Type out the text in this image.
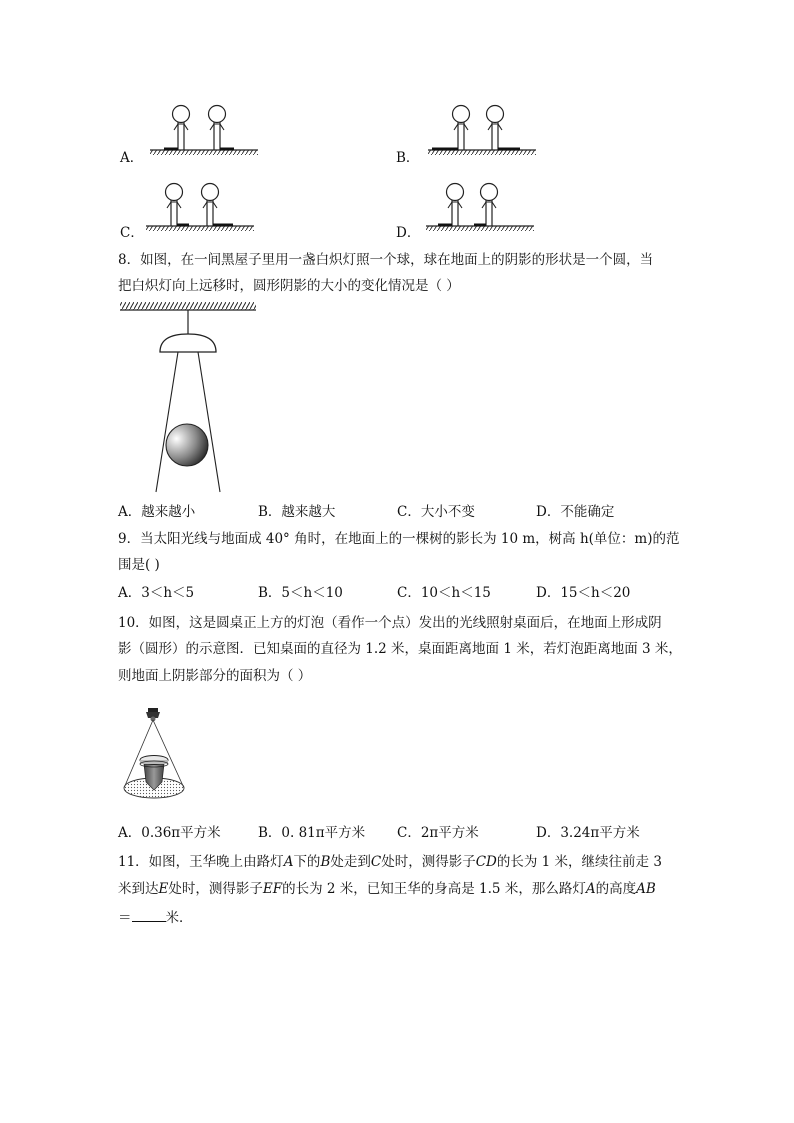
A．	B．
C．	D．
8．如图，在一间黑屋子里用一盏白炽灯照一个球，球在地面上的阴影的形状是一个圆，当
把白炽灯向上远移时，圆形阴影的大小的变化情况是（ ）
A．越来越小	B．越来越大	C．大小不变	D．不能确定
9．当太阳光线与地面成 40° 角时，在地面上的一棵树的影长为 10 m，树高 h(单位：m)的范
围是( )
A．3＜h＜5	B．5＜h＜10	C．10＜h＜15	D．15＜h＜20
10．如图，这是圆桌正上方的灯泡（看作一个点）发出的光线照射桌面后，在地面上形成阴
影（圆形）的示意图．已知桌面的直径为 1.2 米，桌面距离地面 1 米，若灯泡距离地面 3 米，
则地面上阴影部分的面积为（ ）
A．0.36π平方米	B．0. 81π平方米 C．2π平方米	D．3.24π平方米
11．如图，王华晚上由路灯A下的B处走到C处时，测得影子CD的长为 1 米，继续往前走 3
米到达E处时，测得影子EF的长为 2 米，已知王华的身高是 1.5 米，那么路灯A的高度AB
＝	米．
